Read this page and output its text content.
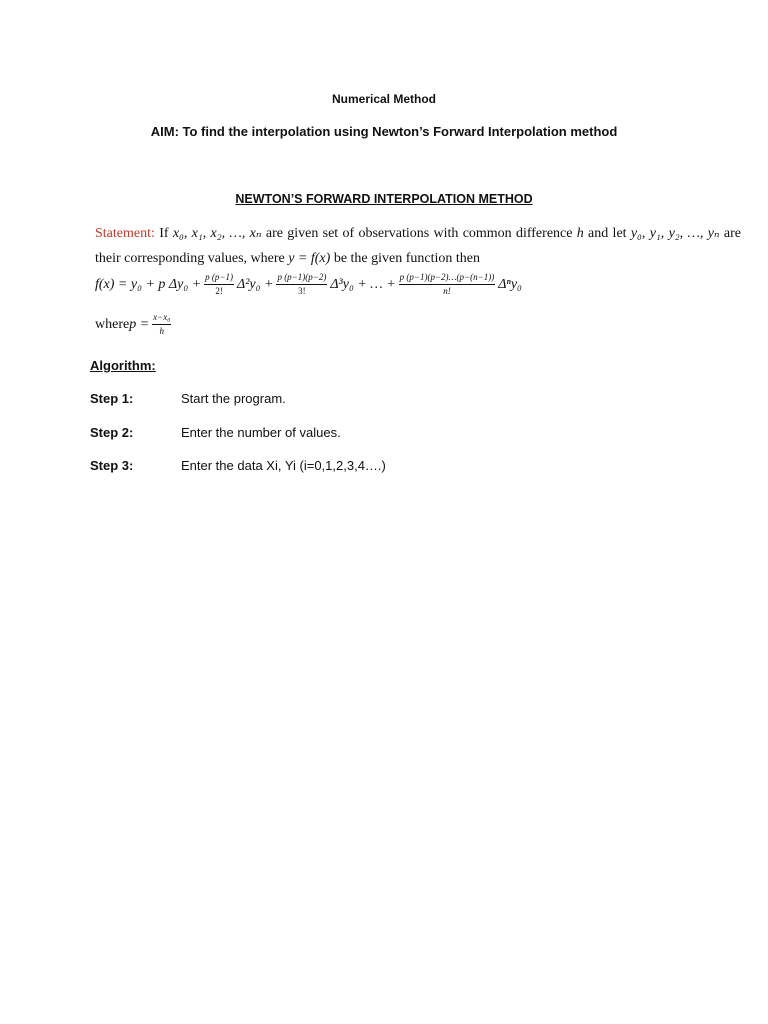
Numerical Method
AIM: To find the interpolation using Newton’s Forward Interpolation method
NEWTON’S FORWARD INTERPOLATION METHOD
Statement: If x₀, x₁, x₂, …, xₙ are given set of observations with common difference h and let y₀, y₁, y₂, …, yₙ are their corresponding values, where y = f(x) be the given function then
f(x) = y₀ + p $\Delta y_0 + \frac{p (p-1)}{2!} \Delta^2y_0 + \frac{p (p-1)(p-2)}{3!} \Delta^3y_0$ + … + $\frac{p (p-1)(p-2)\dots(p-(n-1))}{n!} \Delta^ny_0$
where $p = \frac{\text{x−x₀}}{h}$
Algorithm:
Step 1:	Start the program.
Step 2:	Enter the number of values.
Step 3:	Enter the data Xi, Yi (i=0,1,2,3,4….)
